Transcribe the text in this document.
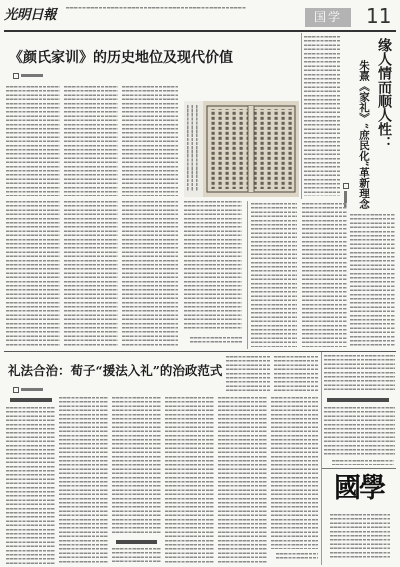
光明日報	国学	11
《颜氏家训》的历史地位及现代价值	缘人情而顺人性：
朱熹《家礼》“庶民化”革新理念
礼法合治：荀子“援法入礼”的治政范式
國學
